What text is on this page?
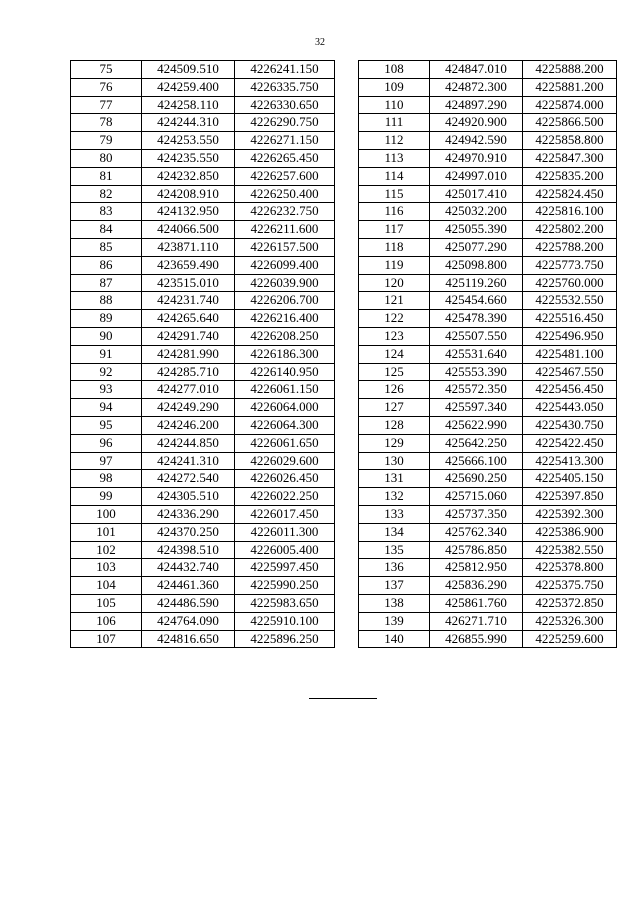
32
75	424509.510	4226241.150
76	424259.400	4226335.750
77	424258.110	4226330.650
78	424244.310	4226290.750
79	424253.550	4226271.150
80	424235.550	4226265.450
81	424232.850	4226257.600
82	424208.910	4226250.400
83	424132.950	4226232.750
84	424066.500	4226211.600
85	423871.110	4226157.500
86	423659.490	4226099.400
87	423515.010	4226039.900
88	424231.740	4226206.700
89	424265.640	4226216.400
90	424291.740	4226208.250
91	424281.990	4226186.300
92	424285.710	4226140.950
93	424277.010	4226061.150
94	424249.290	4226064.000
95	424246.200	4226064.300
96	424244.850	4226061.650
97	424241.310	4226029.600
98	424272.540	4226026.450
99	424305.510	4226022.250
100	424336.290	4226017.450
101	424370.250	4226011.300
102	424398.510	4226005.400
103	424432.740	4225997.450
104	424461.360	4225990.250
105	424486.590	4225983.650
106	424764.090	4225910.100
107	424816.650	4225896.250
108	424847.010	4225888.200
109	424872.300	4225881.200
110	424897.290	4225874.000
111	424920.900	4225866.500
112	424942.590	4225858.800
113	424970.910	4225847.300
114	424997.010	4225835.200
115	425017.410	4225824.450
116	425032.200	4225816.100
117	425055.390	4225802.200
118	425077.290	4225788.200
119	425098.800	4225773.750
120	425119.260	4225760.000
121	425454.660	4225532.550
122	425478.390	4225516.450
123	425507.550	4225496.950
124	425531.640	4225481.100
125	425553.390	4225467.550
126	425572.350	4225456.450
127	425597.340	4225443.050
128	425622.990	4225430.750
129	425642.250	4225422.450
130	425666.100	4225413.300
131	425690.250	4225405.150
132	425715.060	4225397.850
133	425737.350	4225392.300
134	425762.340	4225386.900
135	425786.850	4225382.550
136	425812.950	4225378.800
137	425836.290	4225375.750
138	425861.760	4225372.850
139	426271.710	4225326.300
140	426855.990	4225259.600
